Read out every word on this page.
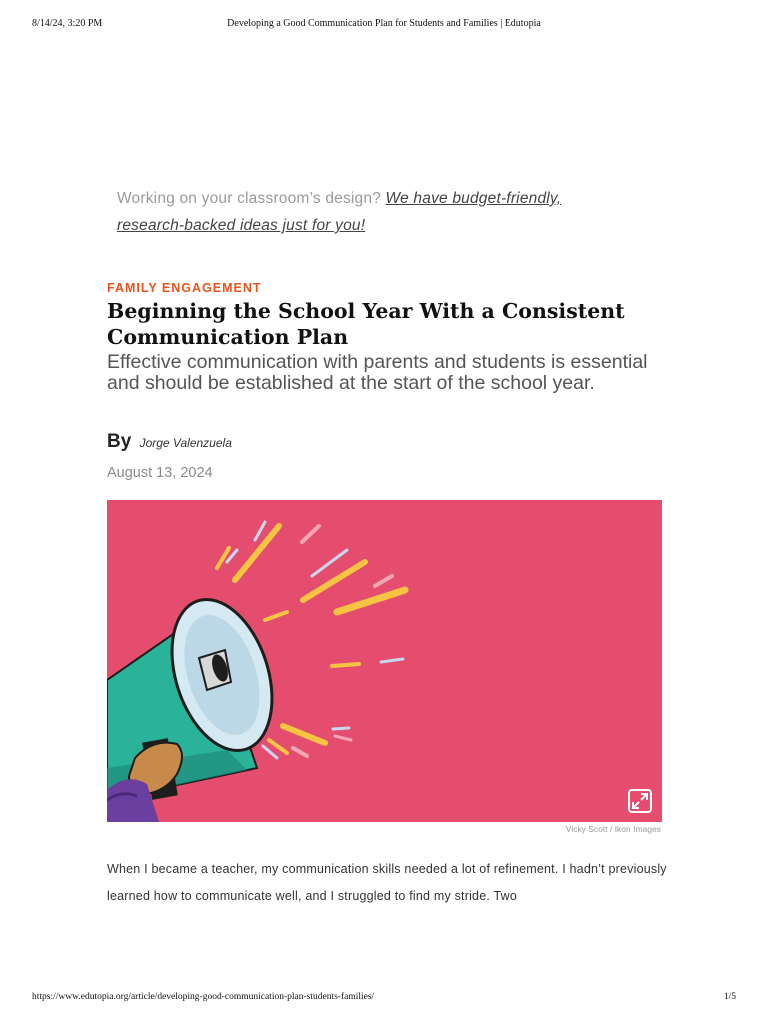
8/14/24, 3:20 PM	Developing a Good Communication Plan for Students and Families | Edutopia
Working on your classroom’s design? We have budget-friendly, research-backed ideas just for you!
FAMILY ENGAGEMENT
Beginning the School Year With a Consistent Communication Plan

Effective communication with parents and students is essential and should be established at the start of the school year.

By Jorge Valenzuela
August 13, 2024
Vicky Scott / Ikon Images

When I became a teacher, my communication skills needed a lot of refinement. I hadn’t previously learned how to communicate well, and I struggled to find my stride. Two

https://www.edutopia.org/article/developing-good-communication-plan-students-families/	1/5
